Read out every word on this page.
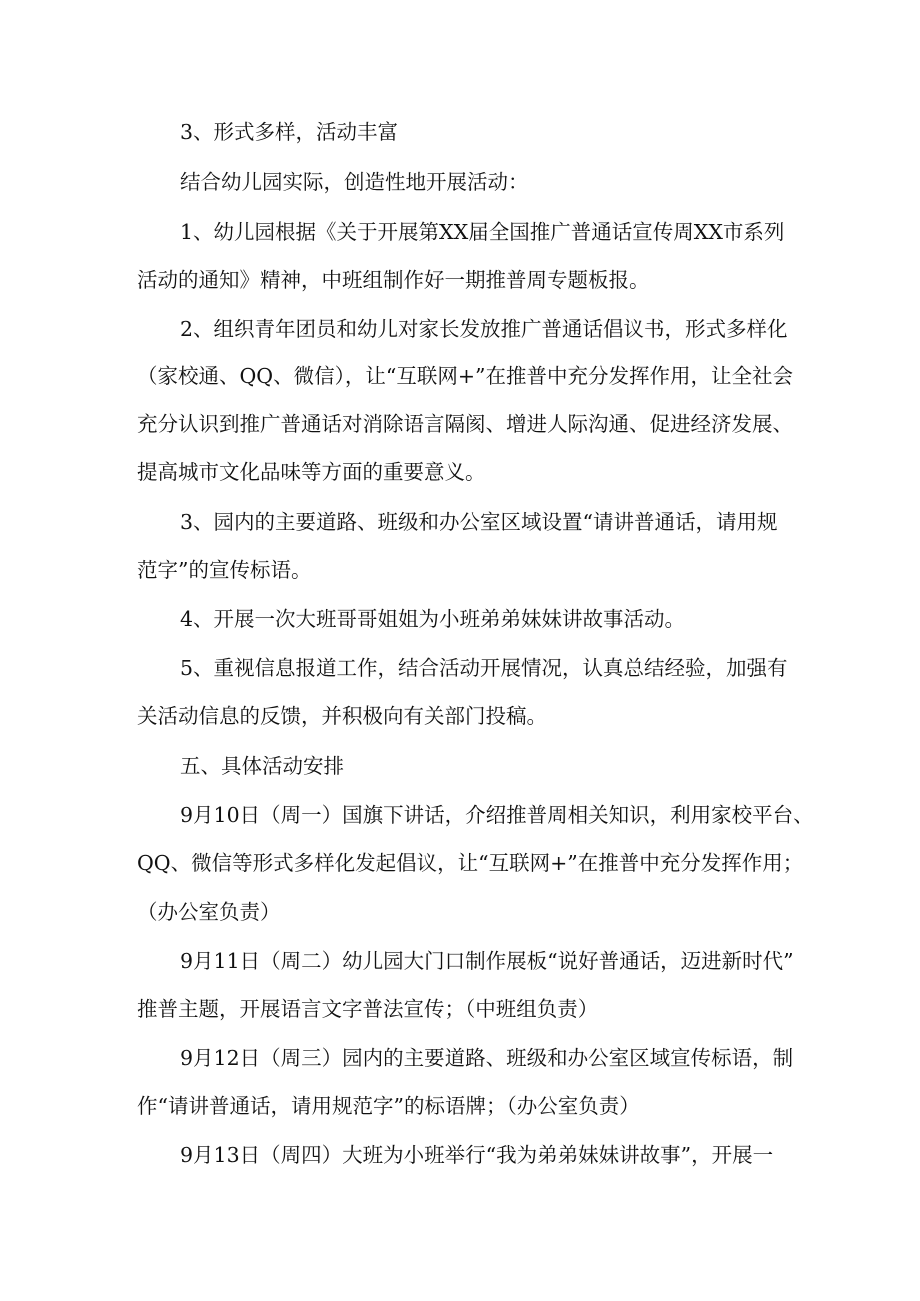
3、形式多样，活动丰富
结合幼儿园实际，创造性地开展活动：
1、幼儿园根据《关于开展第XX届全国推广普通话宣传周XX市系列
活动的通知》精神，中班组制作好一期推普周专题板报。
2、组织青年团员和幼儿对家长发放推广普通话倡议书，形式多样化
（家校通、QQ、微信），让“互联网+”在推普中充分发挥作用，让全社会
充分认识到推广普通话对消除语言隔阂、增进人际沟通、促进经济发展、
提高城市文化品味等方面的重要意义。
3、园内的主要道路、班级和办公室区域设置“请讲普通话，请用规
范字”的宣传标语。
4、开展一次大班哥哥姐姐为小班弟弟妹妹讲故事活动。
5、重视信息报道工作，结合活动开展情况，认真总结经验，加强有
关活动信息的反馈，并积极向有关部门投稿。
五、具体活动安排
9月10日（周一）国旗下讲话，介绍推普周相关知识，利用家校平台、
QQ、微信等形式多样化发起倡议，让“互联网+”在推普中充分发挥作用；
（办公室负责）
9月11日（周二）幼儿园大门口制作展板“说好普通话，迈进新时代”
推普主题，开展语言文字普法宣传；（中班组负责）
9月12日（周三）园内的主要道路、班级和办公室区域宣传标语，制
作“请讲普通话，请用规范字”的标语牌；（办公室负责）
9月13日（周四）大班为小班举行“我为弟弟妹妹讲故事”，开展一
